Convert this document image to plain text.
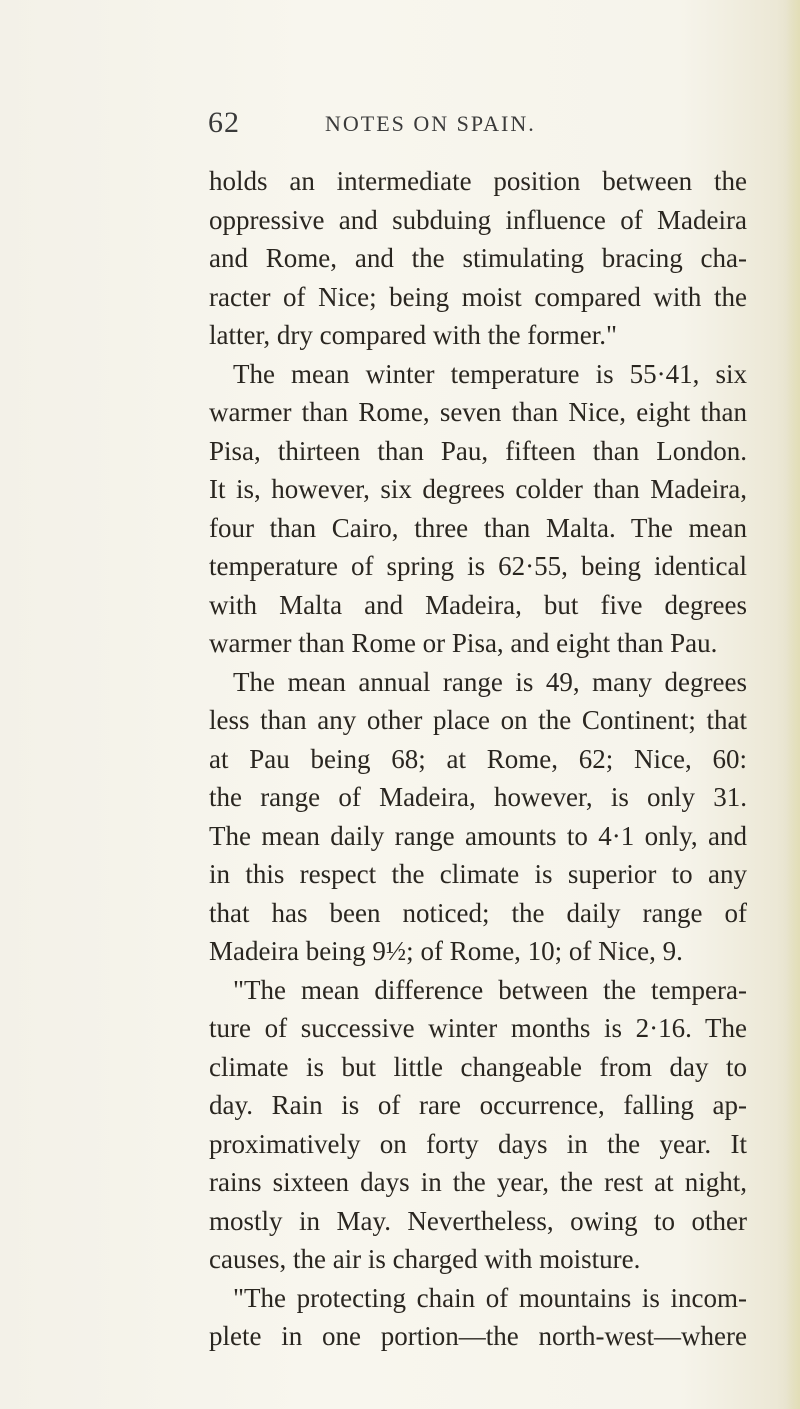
62	NOTES ON SPAIN.
holds an intermediate position between the
oppressive and subduing influence of Madeira
and Rome, and the stimulating bracing cha-
racter of Nice; being moist compared with the
latter, dry compared with the former."
The mean winter temperature is 55·41, six
warmer than Rome, seven than Nice, eight than
Pisa, thirteen than Pau, fifteen than London.
It is, however, six degrees colder than Madeira,
four than Cairo, three than Malta. The mean
temperature of spring is 62·55, being identical
with Malta and Madeira, but five degrees
warmer than Rome or Pisa, and eight than Pau.
The mean annual range is 49, many degrees
less than any other place on the Continent; that
at Pau being 68; at Rome, 62; Nice, 60:
the range of Madeira, however, is only 31.
The mean daily range amounts to 4·1 only, and
in this respect the climate is superior to any
that has been noticed; the daily range of
Madeira being 9½; of Rome, 10; of Nice, 9.
"The mean difference between the tempera-
ture of successive winter months is 2·16. The
climate is but little changeable from day to
day. Rain is of rare occurrence, falling ap-
proximatively on forty days in the year. It
rains sixteen days in the year, the rest at night,
mostly in May. Nevertheless, owing to other
causes, the air is charged with moisture.
"The protecting chain of mountains is incom-
plete in one portion—the north-west—where
